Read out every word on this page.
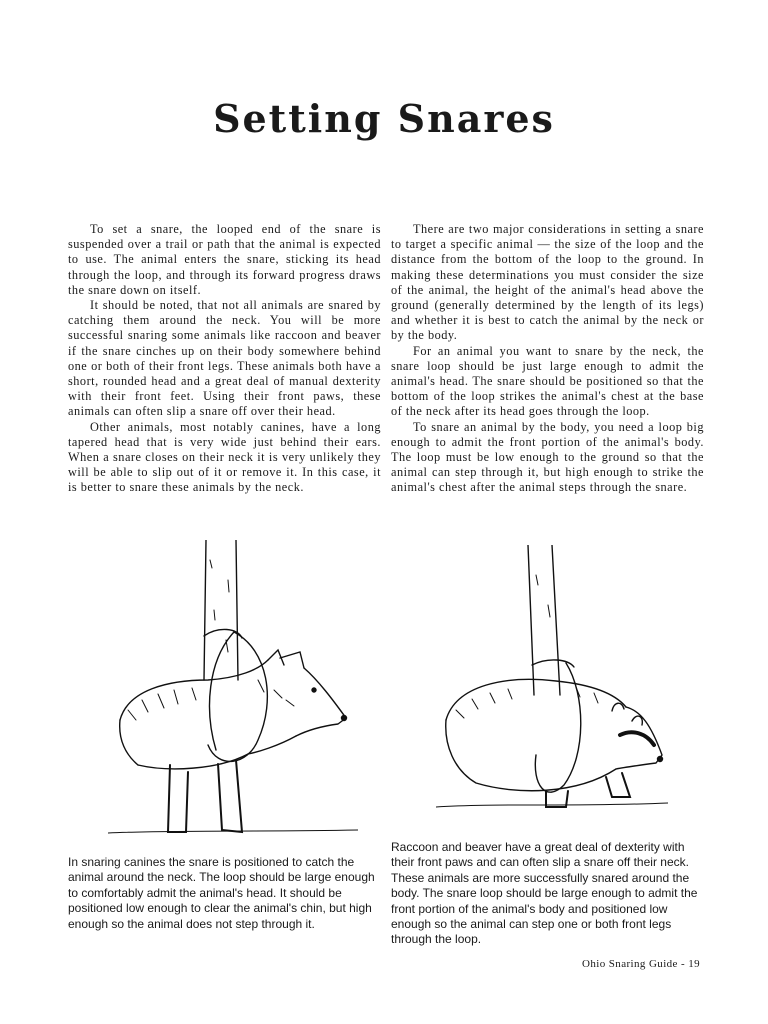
Setting Snares

To set a snare, the looped end of the snare is suspended over a trail or path that the animal is expected to use. The animal enters the snare, sticking its head through the loop, and through its forward progress draws the snare down on itself.

It should be noted, that not all animals are snared by catching them around the neck. You will be more successful snaring some animals like raccoon and beaver if the snare cinches up on their body somewhere behind one or both of their front legs. These animals both have a short, rounded head and a great deal of manual dexterity with their front feet. Using their front paws, these animals can often slip a snare off over their head.

Other animals, most notably canines, have a long tapered head that is very wide just behind their ears. When a snare closes on their neck it is very unlikely they will be able to slip out of it or remove it. In this case, it is better to snare these animals by the neck.

There are two major considerations in setting a snare to target a specific animal — the size of the loop and the distance from the bottom of the loop to the ground. In making these determinations you must consider the size of the animal, the height of the animal's head above the ground (generally determined by the length of its legs) and whether it is best to catch the animal by the neck or by the body.

For an animal you want to snare by the neck, the snare loop should be just large enough to admit the animal's head. The snare should be positioned so that the bottom of the loop strikes the animal's chest at the base of the neck after its head goes through the loop.

To snare an animal by the body, you need a loop big enough to admit the front portion of the animal's body. The loop must be low enough to the ground so that the animal can step through it, but high enough to strike the animal's chest after the animal steps through the snare.

In snaring canines the snare is positioned to catch the animal around the neck. The loop should be large enough to comfortably admit the animal's head. It should be positioned low enough to clear the animal's chin, but high enough so the animal does not step through it.

Raccoon and beaver have a great deal of dexterity with their front paws and can often slip a snare off their neck. These animals are more successfully snared around the body. The snare loop should be large enough to admit the front portion of the animal's body and positioned low enough so the animal can step one or both front legs through the loop.

Ohio Snaring Guide - 19
